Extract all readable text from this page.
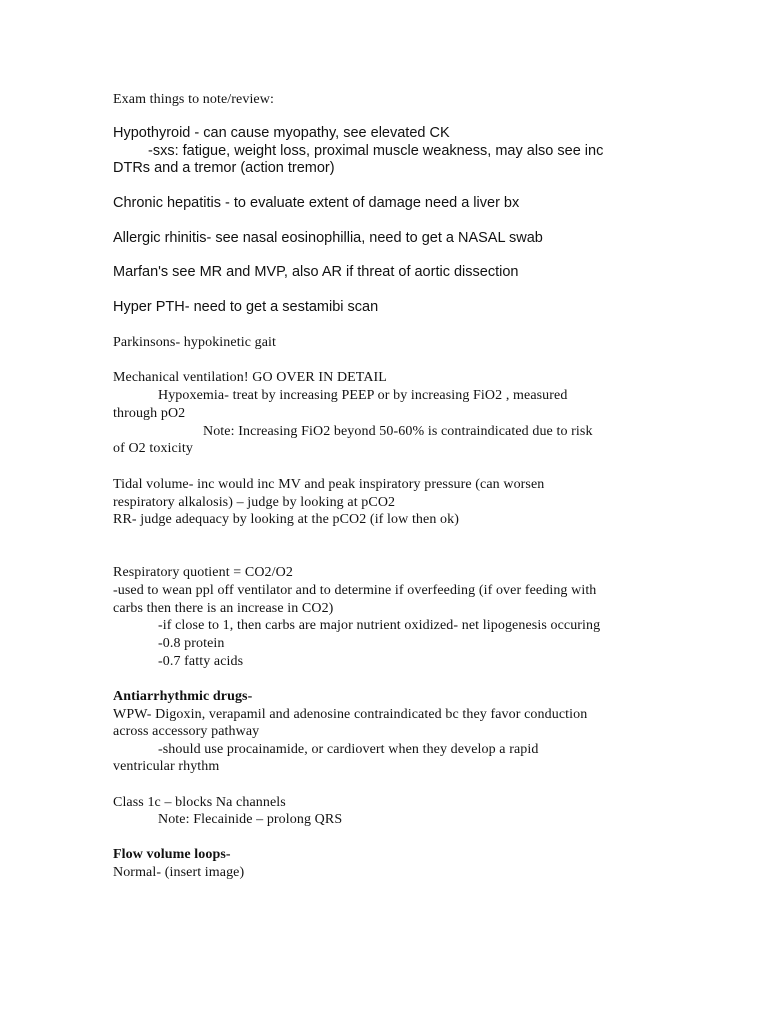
Exam things to note/review:

Hypothyroid - can cause myopathy, see elevated CK

-sxs: fatigue, weight loss, proximal muscle weakness, may also see inc

DTRs and a tremor (action tremor)

Chronic hepatitis - to evaluate extent of damage need a liver bx

Allergic rhinitis- see nasal eosinophillia, need to get a NASAL swab

Marfan's see MR and MVP, also AR if threat of aortic dissection

Hyper PTH- need to get a sestamibi scan

Parkinsons- hypokinetic gait

Mechanical ventilation! GO OVER IN DETAIL

Hypoxemia- treat by increasing PEEP or by increasing FiO2 , measured

through pO2

Note: Increasing FiO2 beyond 50-60% is contraindicated due to risk

of O2 toxicity

Tidal volume- inc would inc MV and peak inspiratory pressure (can worsen

respiratory alkalosis) – judge by looking at pCO2

RR- judge adequacy by looking at the pCO2 (if low then ok)

Respiratory quotient = CO2/O2

-used to wean ppl off ventilator and to determine if overfeeding (if over feeding with

carbs then there is an increase in CO2)

-if close to 1, then carbs are major nutrient oxidized- net lipogenesis occuring

-0.8 protein

-0.7 fatty acids

Antiarrhythmic drugs-

WPW- Digoxin, verapamil and adenosine contraindicated bc they favor conduction

across accessory pathway

-should use procainamide, or cardiovert when they develop a rapid

ventricular rhythm

Class 1c – blocks Na channels

Note: Flecainide – prolong QRS

Flow volume loops-

Normal- (insert image)
